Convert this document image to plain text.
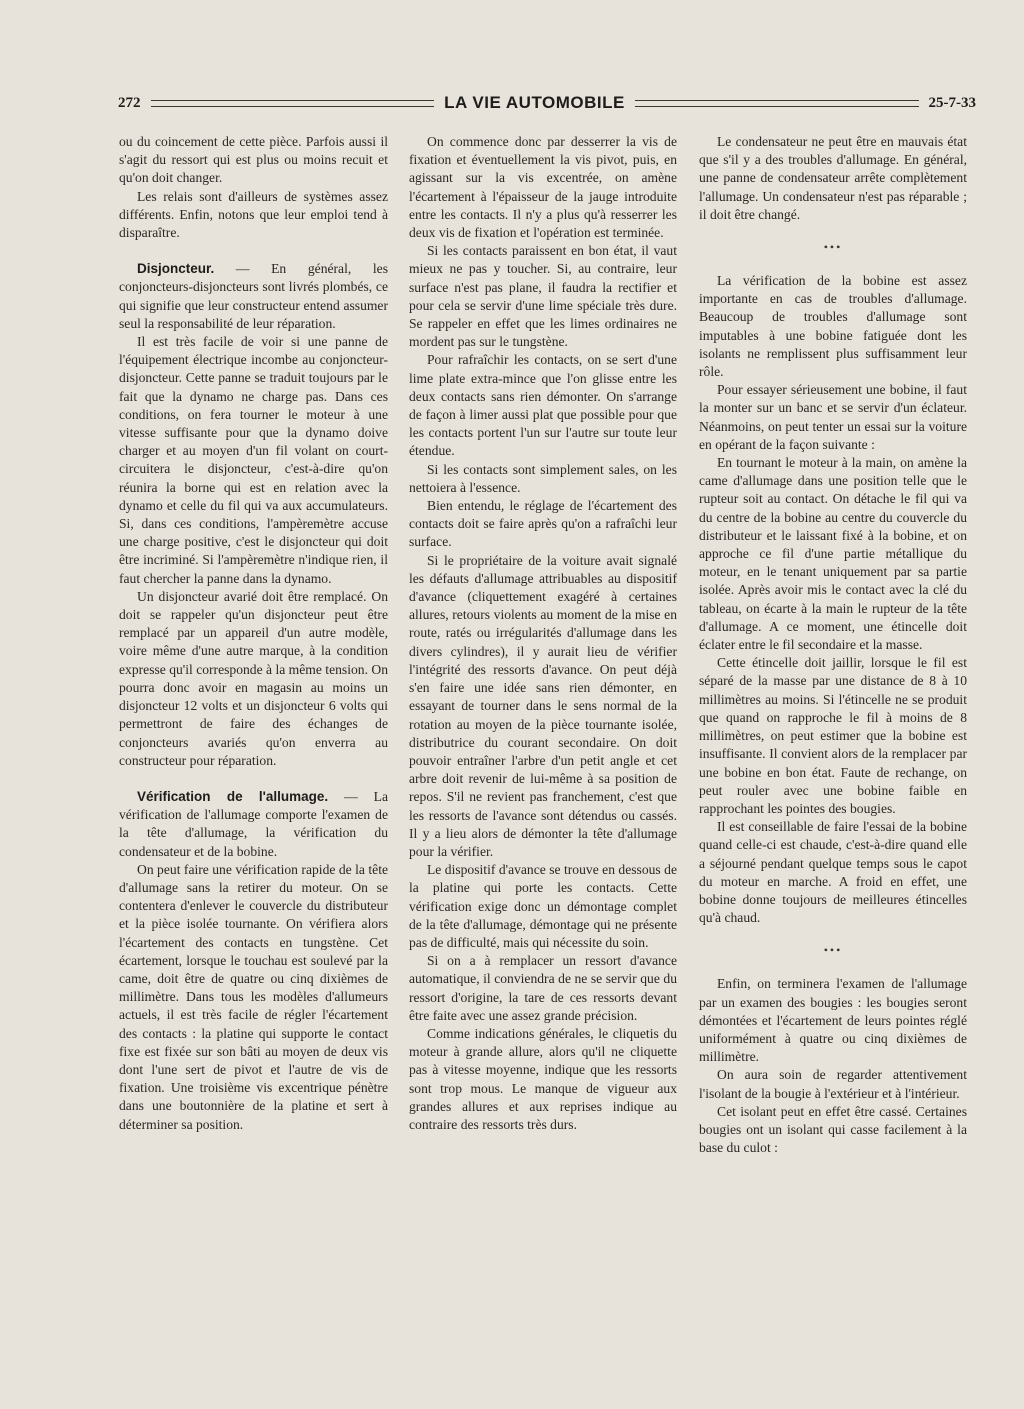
272	LA VIE AUTOMOBILE	25-7-33

ou du coincement de cette pièce. Parfois aussi il s'agit du ressort qui est plus ou moins recuit et qu'on doit changer.

Les relais sont d'ailleurs de systèmes assez différents. Enfin, notons que leur emploi tend à disparaître.

Disjoncteur. — En général, les conjoncteurs-disjoncteurs sont livrés plombés, ce qui signifie que leur constructeur entend assumer seul la responsabilité de leur réparation.

Il est très facile de voir si une panne de l'équipement électrique incombe au conjoncteur-disjoncteur. Cette panne se traduit toujours par le fait que la dynamo ne charge pas. Dans ces conditions, on fera tourner le moteur à une vitesse suffisante pour que la dynamo doive charger et au moyen d'un fil volant on court-circuitera le disjoncteur, c'est-à-dire qu'on réunira la borne qui est en relation avec la dynamo et celle du fil qui va aux accumulateurs. Si, dans ces conditions, l'ampèremètre accuse une charge positive, c'est le disjoncteur qui doit être incriminé. Si l'ampèremètre n'indique rien, il faut chercher la panne dans la dynamo.

Un disjoncteur avarié doit être remplacé. On doit se rappeler qu'un disjoncteur peut être remplacé par un appareil d'un autre modèle, voire même d'une autre marque, à la condition expresse qu'il corresponde à la même tension. On pourra donc avoir en magasin au moins un disjoncteur 12 volts et un disjoncteur 6 volts qui permettront de faire des échanges de conjoncteurs avariés qu'on enverra au constructeur pour réparation.

Vérification de l'allumage. — La vérification de l'allumage comporte l'examen de la tête d'allumage, la vérification du condensateur et de la bobine.

On peut faire une vérification rapide de la tête d'allumage sans la retirer du moteur. On se contentera d'enlever le couvercle du distributeur et la pièce isolée tournante. On vérifiera alors l'écartement des contacts en tungstène. Cet écartement, lorsque le touchau est soulevé par la came, doit être de quatre ou cinq dixièmes de millimètre. Dans tous les modèles d'allumeurs actuels, il est très facile de régler l'écartement des contacts : la platine qui supporte le contact fixe est fixée sur son bâti au moyen de deux vis dont l'une sert de pivot et l'autre de vis de fixation. Une troisième vis excentrique pénètre dans une boutonnière de la platine et sert à déterminer sa position.

On commence donc par desserrer la vis de fixation et éventuellement la vis pivot, puis, en agissant sur la vis excentrée, on amène l'écartement à l'épaisseur de la jauge introduite entre les contacts. Il n'y a plus qu'à resserrer les deux vis de fixation et l'opération est terminée.

Si les contacts paraissent en bon état, il vaut mieux ne pas y toucher. Si, au contraire, leur surface n'est pas plane, il faudra la rectifier et pour cela se servir d'une lime spéciale très dure. Se rappeler en effet que les limes ordinaires ne mordent pas sur le tungstène.

Pour rafraîchir les contacts, on se sert d'une lime plate extra-mince que l'on glisse entre les deux contacts sans rien démonter. On s'arrange de façon à limer aussi plat que possible pour que les contacts portent l'un sur l'autre sur toute leur étendue.

Si les contacts sont simplement sales, on les nettoiera à l'essence.

Bien entendu, le réglage de l'écartement des contacts doit se faire après qu'on a rafraîchi leur surface.

Si le propriétaire de la voiture avait signalé les défauts d'allumage attribuables au dispositif d'avance (cliquettement exagéré à certaines allures, retours violents au moment de la mise en route, ratés ou irrégularités d'allumage dans les divers cylindres), il y aurait lieu de vérifier l'intégrité des ressorts d'avance. On peut déjà s'en faire une idée sans rien démonter, en essayant de tourner dans le sens normal de la rotation au moyen de la pièce tournante isolée, distributrice du courant secondaire. On doit pouvoir entraîner l'arbre d'un petit angle et cet arbre doit revenir de lui-même à sa position de repos. S'il ne revient pas franchement, c'est que les ressorts de l'avance sont détendus ou cassés. Il y a lieu alors de démonter la tête d'allumage pour la vérifier.

Le dispositif d'avance se trouve en dessous de la platine qui porte les contacts. Cette vérification exige donc un démontage complet de la tête d'allumage, démontage qui ne présente pas de difficulté, mais qui nécessite du soin.

Si on a à remplacer un ressort d'avance automatique, il conviendra de ne se servir que du ressort d'origine, la tare de ces ressorts devant être faite avec une assez grande précision.

Comme indications générales, le cliquetis du moteur à grande allure, alors qu'il ne cliquette pas à vitesse moyenne, indique que les ressorts sont trop mous. Le manque de vigueur aux grandes allures et aux reprises indique au contraire des ressorts très durs.

Le condensateur ne peut être en mauvais état que s'il y a des troubles d'allumage. En général, une panne de condensateur arrête complètement l'allumage. Un condensateur n'est pas réparable ; il doit être changé.

•••

La vérification de la bobine est assez importante en cas de troubles d'allumage. Beaucoup de troubles d'allumage sont imputables à une bobine fatiguée dont les isolants ne remplissent plus suffisamment leur rôle.

Pour essayer sérieusement une bobine, il faut la monter sur un banc et se servir d'un éclateur. Néanmoins, on peut tenter un essai sur la voiture en opérant de la façon suivante :

En tournant le moteur à la main, on amène la came d'allumage dans une position telle que le rupteur soit au contact. On détache le fil qui va du centre de la bobine au centre du couvercle du distributeur et le laissant fixé à la bobine, et on approche ce fil d'une partie métallique du moteur, en le tenant uniquement par sa partie isolée. Après avoir mis le contact avec la clé du tableau, on écarte à la main le rupteur de la tête d'allumage. A ce moment, une étincelle doit éclater entre le fil secondaire et la masse.

Cette étincelle doit jaillir, lorsque le fil est séparé de la masse par une distance de 8 à 10 millimètres au moins. Si l'étincelle ne se produit que quand on rapproche le fil à moins de 8 millimètres, on peut estimer que la bobine est insuffisante. Il convient alors de la remplacer par une bobine en bon état. Faute de rechange, on peut rouler avec une bobine faible en rapprochant les pointes des bougies.

Il est conseillable de faire l'essai de la bobine quand celle-ci est chaude, c'est-à-dire quand elle a séjourné pendant quelque temps sous le capot du moteur en marche. A froid en effet, une bobine donne toujours de meilleures étincelles qu'à chaud.

•••

Enfin, on terminera l'examen de l'allumage par un examen des bougies : les bougies seront démontées et l'écartement de leurs pointes réglé uniformément à quatre ou cinq dixièmes de millimètre.

On aura soin de regarder attentivement l'isolant de la bougie à l'extérieur et à l'intérieur.

Cet isolant peut en effet être cassé. Certaines bougies ont un isolant qui casse facilement à la base du culot :
